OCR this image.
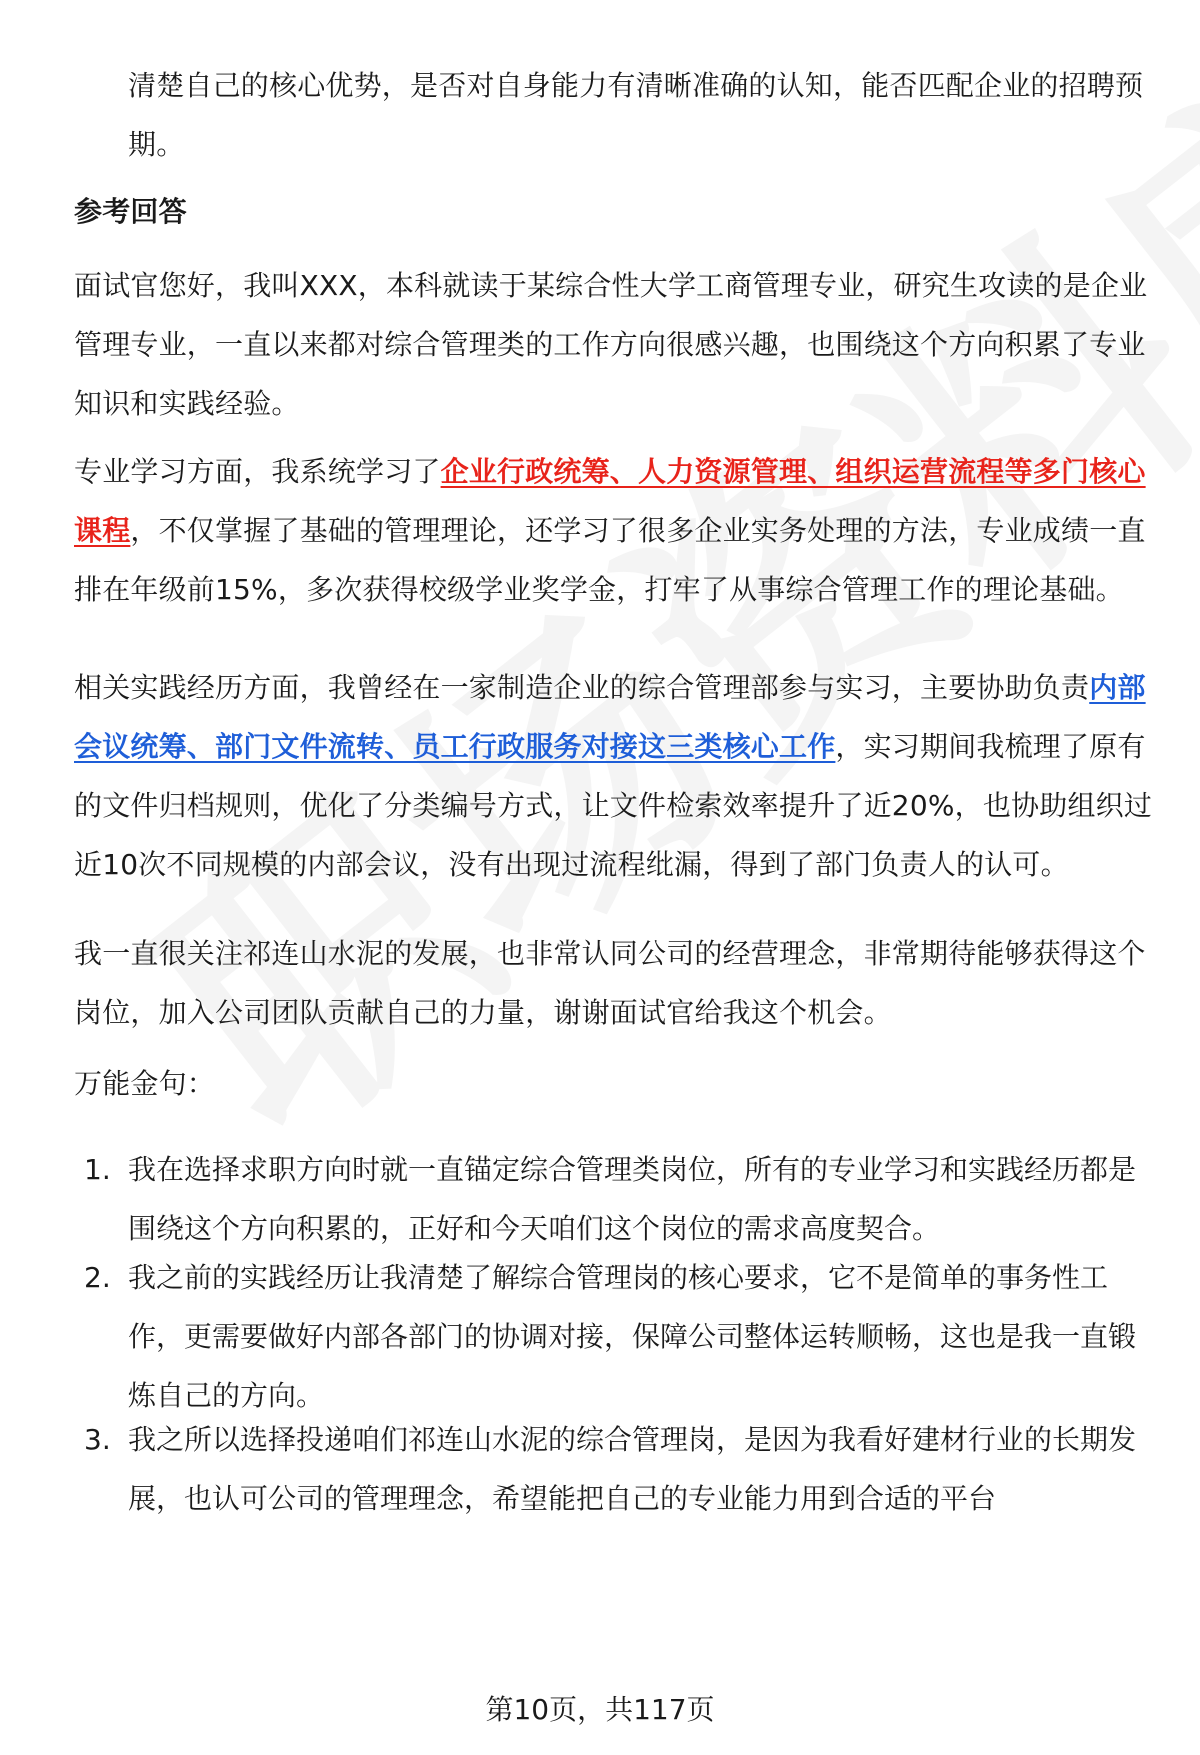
清楚自己的核心优势，是否对自身能力有清晰准确的认知，能否匹配企业的招聘预期。
参考回答
面试官您好，我叫XXX，本科就读于某综合性大学工商管理专业，研究生攻读的是企业管理专业，一直以来都对综合管理类的工作方向很感兴趣，也围绕这个方向积累了专业知识和实践经验。
专业学习方面，我系统学习了企业行政统筹、人力资源管理、组织运营流程等多门核心课程，不仅掌握了基础的管理理论，还学习了很多企业实务处理的方法，专业成绩一直排在年级前15%，多次获得校级学业奖学金，打牢了从事综合管理工作的理论基础。
相关实践经历方面，我曾经在一家制造企业的综合管理部参与实习，主要协助负责内部会议统筹、部门文件流转、员工行政服务对接这三类核心工作，实习期间我梳理了原有的文件归档规则，优化了分类编号方式，让文件检索效率提升了近20%，也协助组织过近10次不同规模的内部会议，没有出现过流程纰漏，得到了部门负责人的认可。
我一直很关注祁连山水泥的发展，也非常认同公司的经营理念，非常期待能够获得这个岗位，加入公司团队贡献自己的力量，谢谢面试官给我这个机会。
万能金句：
1. 我在选择求职方向时就一直锚定综合管理类岗位，所有的专业学习和实践经历都是围绕这个方向积累的，正好和今天咱们这个岗位的需求高度契合。
2. 我之前的实践经历让我清楚了解综合管理岗的核心要求，它不是简单的事务性工作，更需要做好内部各部门的协调对接，保障公司整体运转顺畅，这也是我一直锻炼自己的方向。
3. 我之所以选择投递咱们祁连山水泥的综合管理岗，是因为我看好建材行业的长期发展，也认可公司的管理理念，希望能把自己的专业能力用到合适的平台
第10页，共117页
